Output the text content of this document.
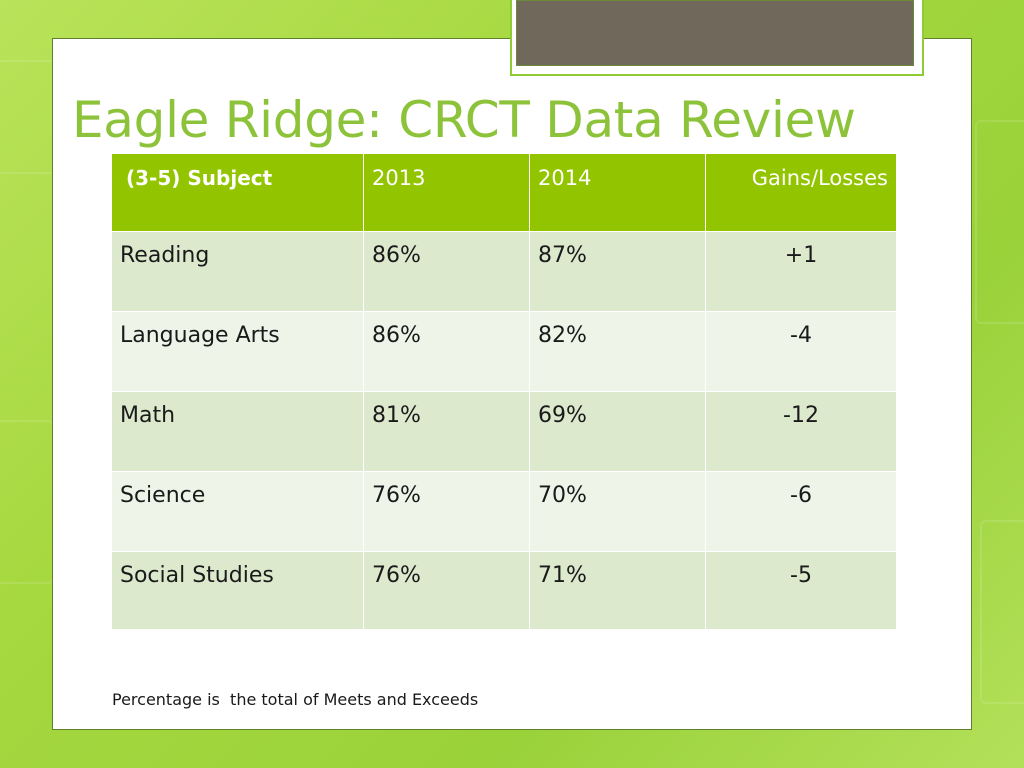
Eagle Ridge: CRCT Data Review
(3-5) Subject	2013	2014	Gains/Losses
Reading	86%	87%	+1
Language Arts	86%	82%	-4
Math	81%	69%	-12
Science	76%	70%	-6
Social Studies	76%	71%	-5
Percentage is  the total of Meets and Exceeds
